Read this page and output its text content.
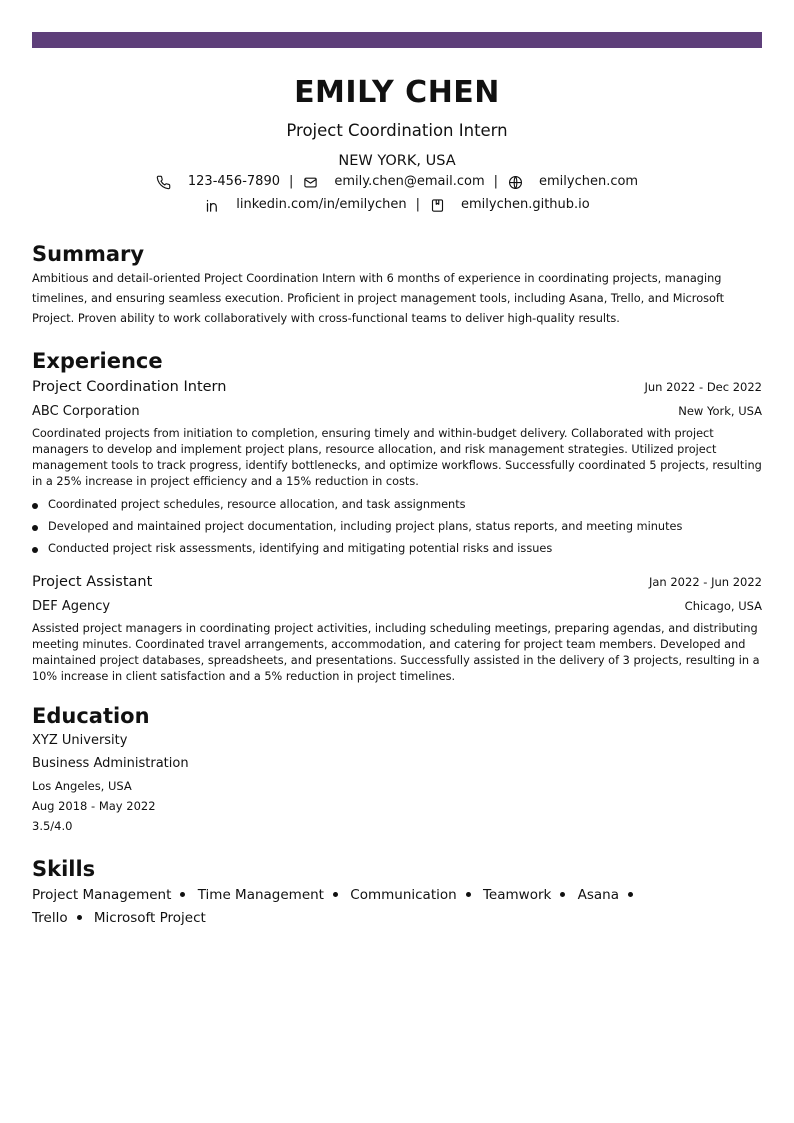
EMILY CHEN
Project Coordination Intern
NEW YORK, USA
123-456-7890 |	emily.chen@email.com |	emilychen.com
linkedin.com/in/emilychen |	emilychen.github.io
Summary

Ambitious and detail-oriented Project Coordination Intern with 6 months of experience in coordinating projects, managing timelines, and ensuring seamless execution. Proficient in project management tools, including Asana, Trello, and Microsoft Project. Proven ability to work collaboratively with cross-functional teams to deliver high-quality results.

Experience
Project Coordination Intern	Jun 2022 - Dec 2022
ABC Corporation	New York, USA

Coordinated projects from initiation to completion, ensuring timely and within-budget delivery. Collaborated with project managers to develop and implement project plans, resource allocation, and risk management strategies. Utilized project management tools to track progress, identify bottlenecks, and optimize workflows. Successfully coordinated 5 projects, resulting in a 25% increase in project efficiency and a 15% reduction in costs.

Coordinated project schedules, resource allocation, and task assignments
Developed and maintained project documentation, including project plans, status reports, and meeting minutes
Conducted project risk assessments, identifying and mitigating potential risks and issues
Project Assistant	Jan 2022 - Jun 2022
DEF Agency	Chicago, USA

Assisted project managers in coordinating project activities, including scheduling meetings, preparing agendas, and distributing meeting minutes. Coordinated travel arrangements, accommodation, and catering for project team members. Developed and maintained project databases, spreadsheets, and presentations. Successfully assisted in the delivery of 3 projects, resulting in a 10% increase in client satisfaction and a 5% reduction in project timelines.

Education
XYZ University
Business Administration
Los Angeles, USA
Aug 2018 - May 2022
3.5/4.0
Skills
Project Management Time Management Communication Teamwork Asana Trello Microsoft Project
